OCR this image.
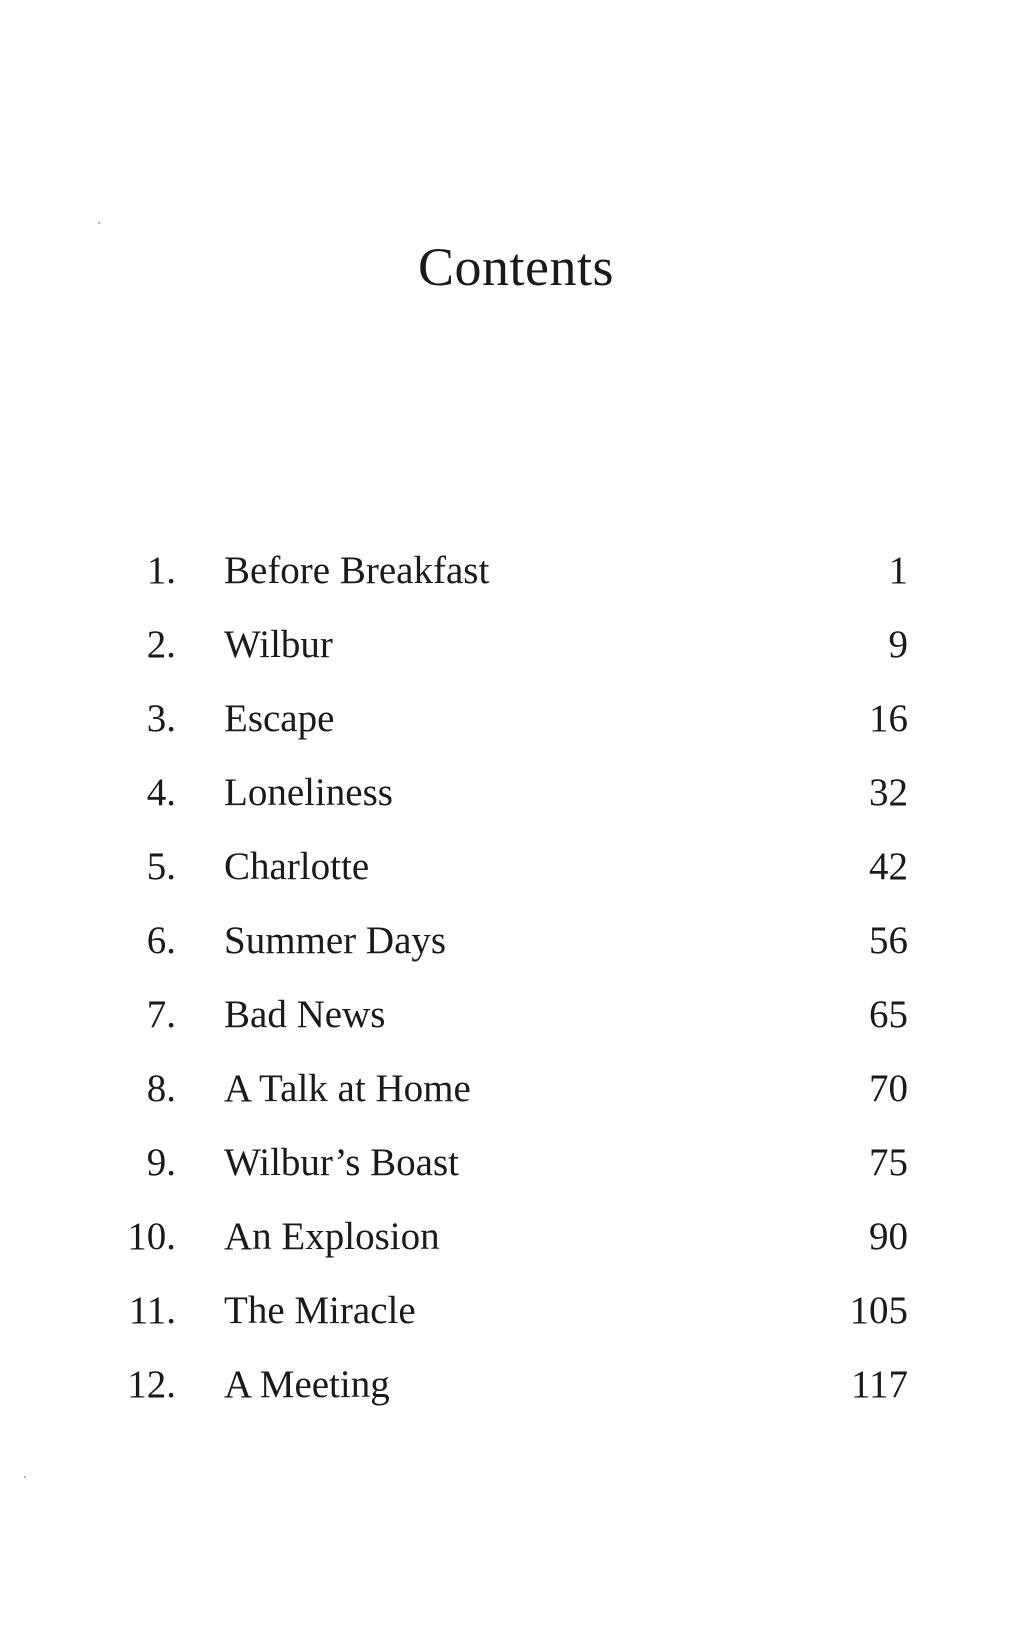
Contents
1. Before Breakfast	1
2. Wilbur	9
3. Escape	16
4. Loneliness	32
5. Charlotte	42
6. Summer Days	56
7. Bad News	65
8. A Talk at Home	70
9. Wilbur’s Boast	75
10. An Explosion	90
11. The Miracle	105
12. A Meeting	117
